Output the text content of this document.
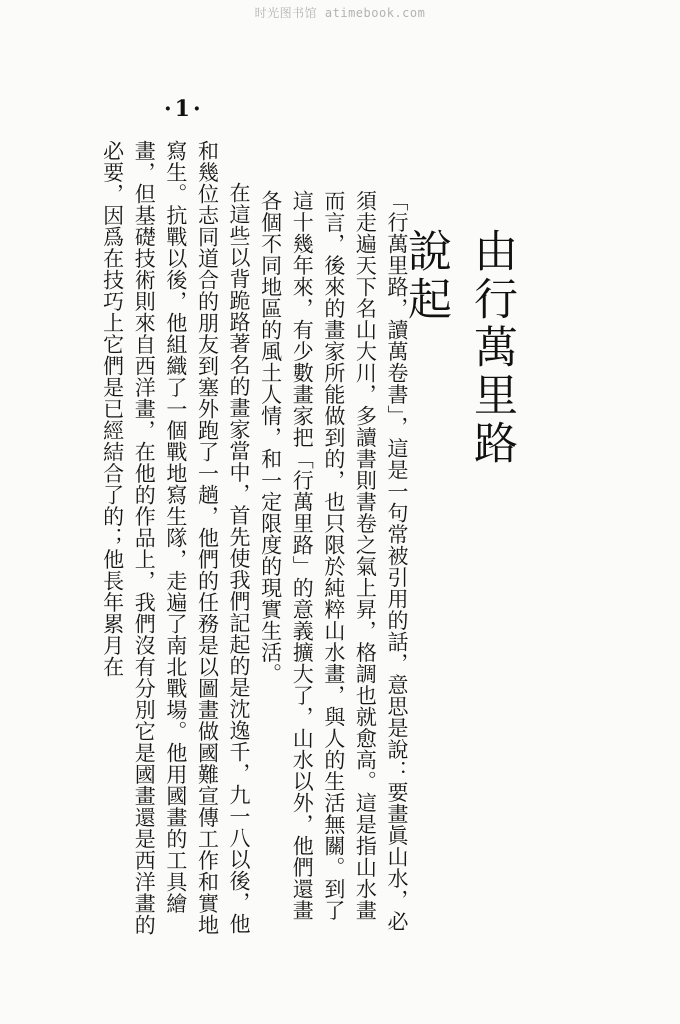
时光图书馆 atimebook.com
·1·
由行萬里路說起

「行萬里路，讀萬卷書」，這是一句常被引用的話，意思是說：要畫眞山水，必須走遍天下名山大川，多讀書則書卷之氣上昇，格調也就愈高。這是指山水畫而言，後來的畫家所能做到的，也只限於純粹山水畫，與人的生活無關。到了這十幾年來，有少數畫家把「行萬里路」的意義擴大了，山水以外，他們還畫各個不同地區的風土人情，和一定限度的現實生活。

在這些以背跪路著名的畫家當中，首先使我們記起的是沈逸千，九一八以後，他和幾位志同道合的朋友到塞外跑了一趟，他們的任務是以圖畫做國難宣傳工作和實地寫生。抗戰以後，他組織了一個戰地寫生隊，走遍了南北戰場。他用國畫的工具繪畫，但基礎技術則來自西洋畫，在他的作品上，我們沒有分別它是國畫還是西洋畫的必要，因爲在技巧上它們是已經結合了的；他長年累月在
